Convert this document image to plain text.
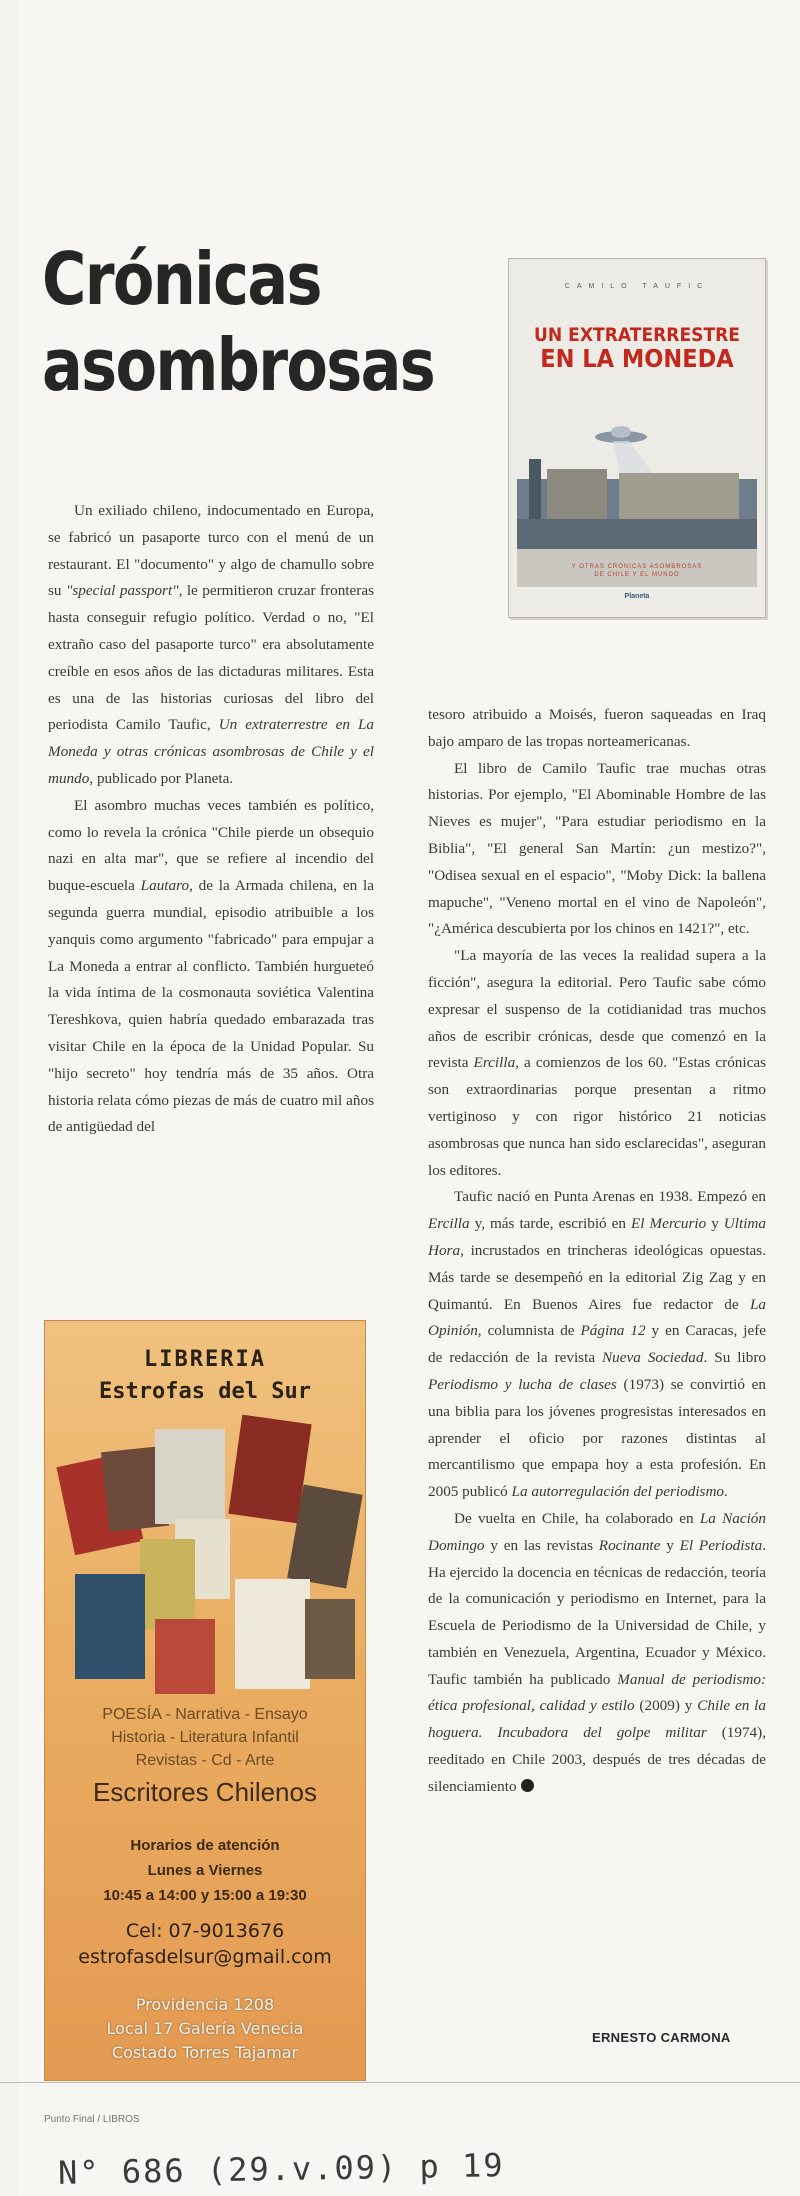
Crónicas
asombrosas
CAMILO TAUFIC
UN EXTRATERRESTRE
EN LA MONEDA
Y OTRAS CRÓNICAS ASOMBROSAS
DE CHILE Y EL MUNDO
Planeta

Un exiliado chileno, indocumentado en Europa, se fabricó un pasaporte turco con el menú de un restaurant. El "documento" y algo de chamullo sobre su "special passport", le permitieron cruzar fronteras hasta conseguir refugio político. Verdad o no, "El extraño caso del pasaporte turco" era absolutamente creíble en esos años de las dictaduras militares. Esta es una de las historias curiosas del libro del periodista Camilo Taufic, Un extraterrestre en La Moneda y otras crónicas asombrosas de Chile y el mundo, publicado por Planeta.

El asombro muchas veces también es político, como lo revela la crónica "Chile pierde un obsequio nazi en alta mar", que se refiere al incendio del buque-escuela Lautaro, de la Armada chilena, en la segunda guerra mundial, episodio atribuible a los yanquis como argumento "fabricado" para empujar a La Moneda a entrar al conflicto. También hurgueteó la vida íntima de la cosmonauta soviética Valentina Tereshkova, quien habría quedado embarazada tras visitar Chile en la época de la Unidad Popular. Su "hijo secreto" hoy tendría más de 35 años. Otra historia relata cómo piezas de más de cuatro mil años de antigüedad del

tesoro atribuido a Moisés, fueron saqueadas en Iraq bajo amparo de las tropas norteamericanas.

El libro de Camilo Taufic trae muchas otras historias. Por ejemplo, "El Abominable Hombre de las Nieves es mujer", "Para estudiar periodismo en la Biblia", "El general San Martín: ¿un mestizo?", "Odisea sexual en el espacio", "Moby Dick: la ballena mapuche", "Veneno mortal en el vino de Napoleón", "¿América descubierta por los chinos en 1421?", etc.

"La mayoría de las veces la realidad supera a la ficción", asegura la editorial. Pero Taufic sabe cómo expresar el suspenso de la cotidianidad tras muchos años de escribir crónicas, desde que comenzó en la revista Ercilla, a comienzos de los 60. "Estas crónicas son extraordinarias porque presentan a ritmo vertiginoso y con rigor histórico 21 noticias asombrosas que nunca han sido esclarecidas", aseguran los editores.

Taufic nació en Punta Arenas en 1938. Empezó en Ercilla y, más tarde, escribió en El Mercurio y Ultima Hora, incrustados en trincheras ideológicas opuestas. Más tarde se desempeñó en la editorial Zig Zag y en Quimantú. En Buenos Aires fue redactor de La Opinión, columnista de Página 12 y en Caracas, jefe de redacción de la revista Nueva Sociedad. Su libro Periodismo y lucha de clases (1973) se convirtió en una biblia para los jóvenes progresistas interesados en aprender el oficio por razones distintas al mercantilismo que empapa hoy a esta profesión. En 2005 publicó La autorregulación del periodismo.

De vuelta en Chile, ha colaborado en La Nación Domingo y en las revistas Rocinante y El Periodista. Ha ejercido la docencia en técnicas de redacción, teoría de la comunicación y periodismo en Internet, para la Escuela de Periodismo de la Universidad de Chile, y también en Venezuela, Argentina, Ecuador y México. Taufic también ha publicado Manual de periodismo: ética profesional, calidad y estilo (2009) y Chile en la hoguera. Incubadora del golpe militar (1974), reeditado en Chile 2003, después de tres décadas de silenciamiento

ERNESTO CARMONA
LIBRERIA
Estrofas del Sur
POESÍA - Narrativa - Ensayo
Historia - Literatura Infantil
Revistas - Cd - Arte
Escritores Chilenos
Horarios de atención
Lunes a Viernes
10:45 a 14:00 y 15:00 a 19:30
Cel: 07-9013676
estrofasdelsur@gmail.com
Providencia 1208
Local 17 Galería Venecia
Costado Torres Tajamar
Punto Final / LIBROS
N° 686 (29.v.09) p 19
